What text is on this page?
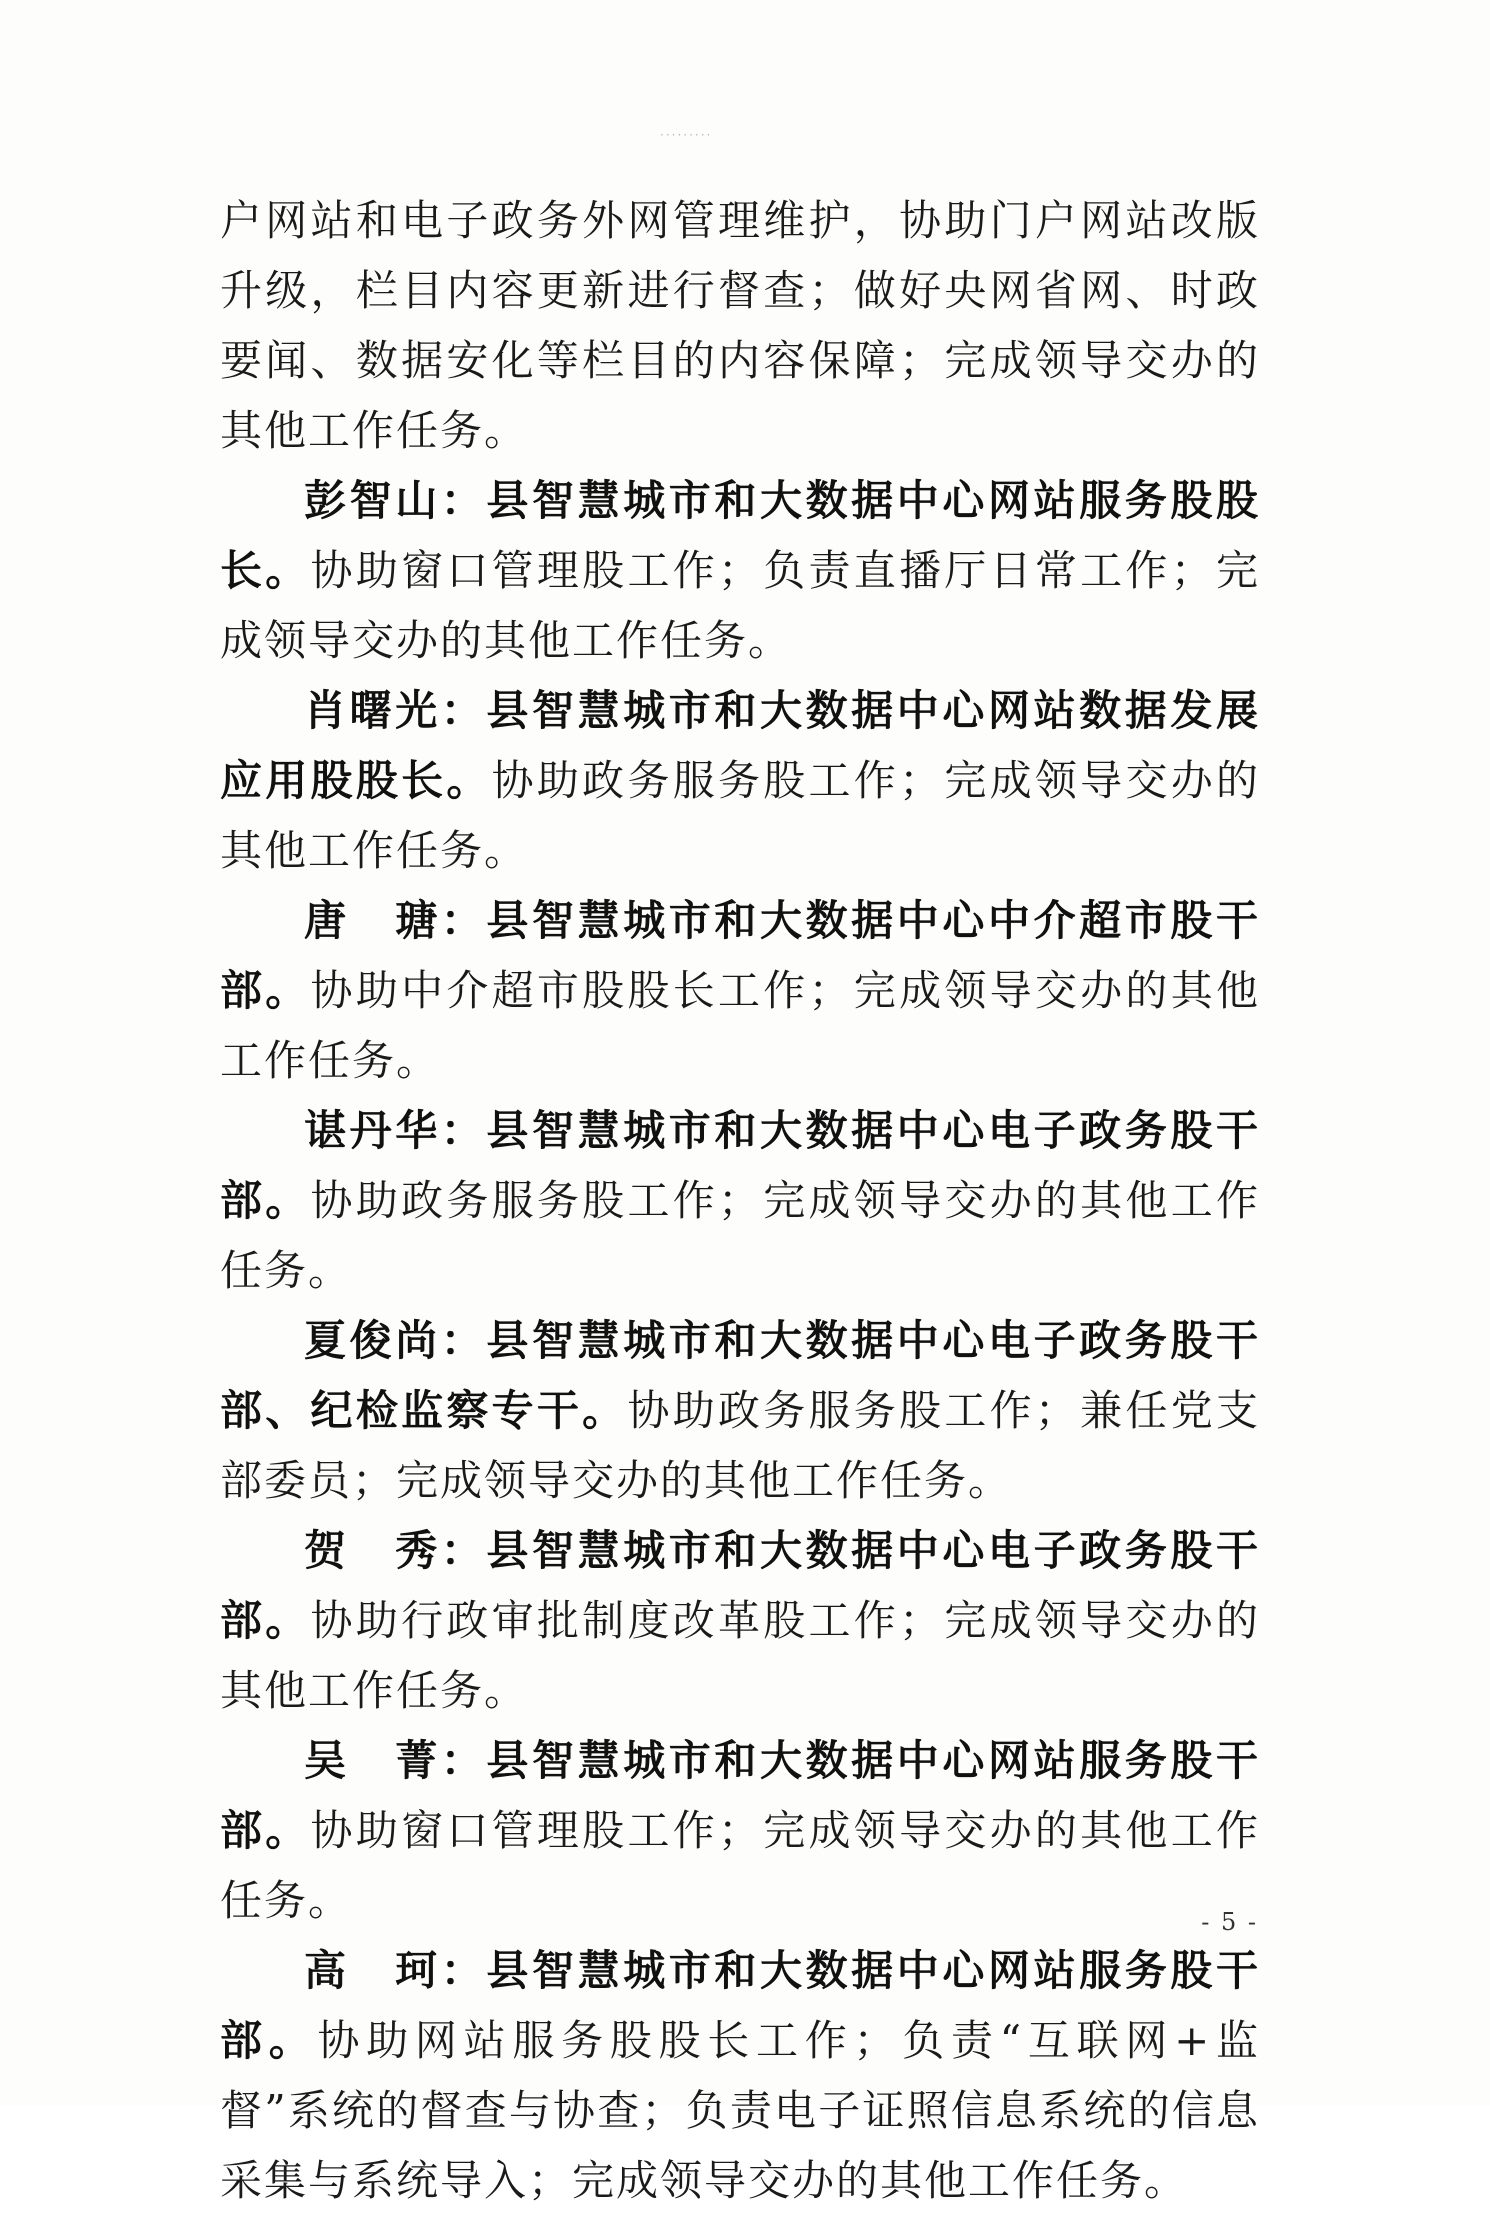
·········

户网站和电子政务外网管理维护，协助门户网站改版升级，栏目内容更新进行督查；做好央网省网、时政要闻、数据安化等栏目的内容保障；完成领导交办的其他工作任务。

彭智山：县智慧城市和大数据中心网站服务股股长。协助窗口管理股工作；负责直播厅日常工作；完成领导交办的其他工作任务。

肖曙光：县智慧城市和大数据中心网站数据发展应用股股长。协助政务服务股工作；完成领导交办的其他工作任务。

唐　瑭：县智慧城市和大数据中心中介超市股干部。协助中介超市股股长工作；完成领导交办的其他工作任务。

谌丹华：县智慧城市和大数据中心电子政务股干部。协助政务服务股工作；完成领导交办的其他工作任务。

夏俊尚：县智慧城市和大数据中心电子政务股干部、纪检监察专干。协助政务服务股工作；兼任党支部委员；完成领导交办的其他工作任务。

贺　秀：县智慧城市和大数据中心电子政务股干部。协助行政审批制度改革股工作；完成领导交办的其他工作任务。

吴　菁：县智慧城市和大数据中心网站服务股干部。协助窗口管理股工作；完成领导交办的其他工作任务。

高　珂：县智慧城市和大数据中心网站服务股干部。协助网站服务股股长工作；负责“互联网+监督”系统的督查与协查；负责电子证照信息系统的信息采集与系统导入；完成领导交办的其他工作任务。

- 5 -
